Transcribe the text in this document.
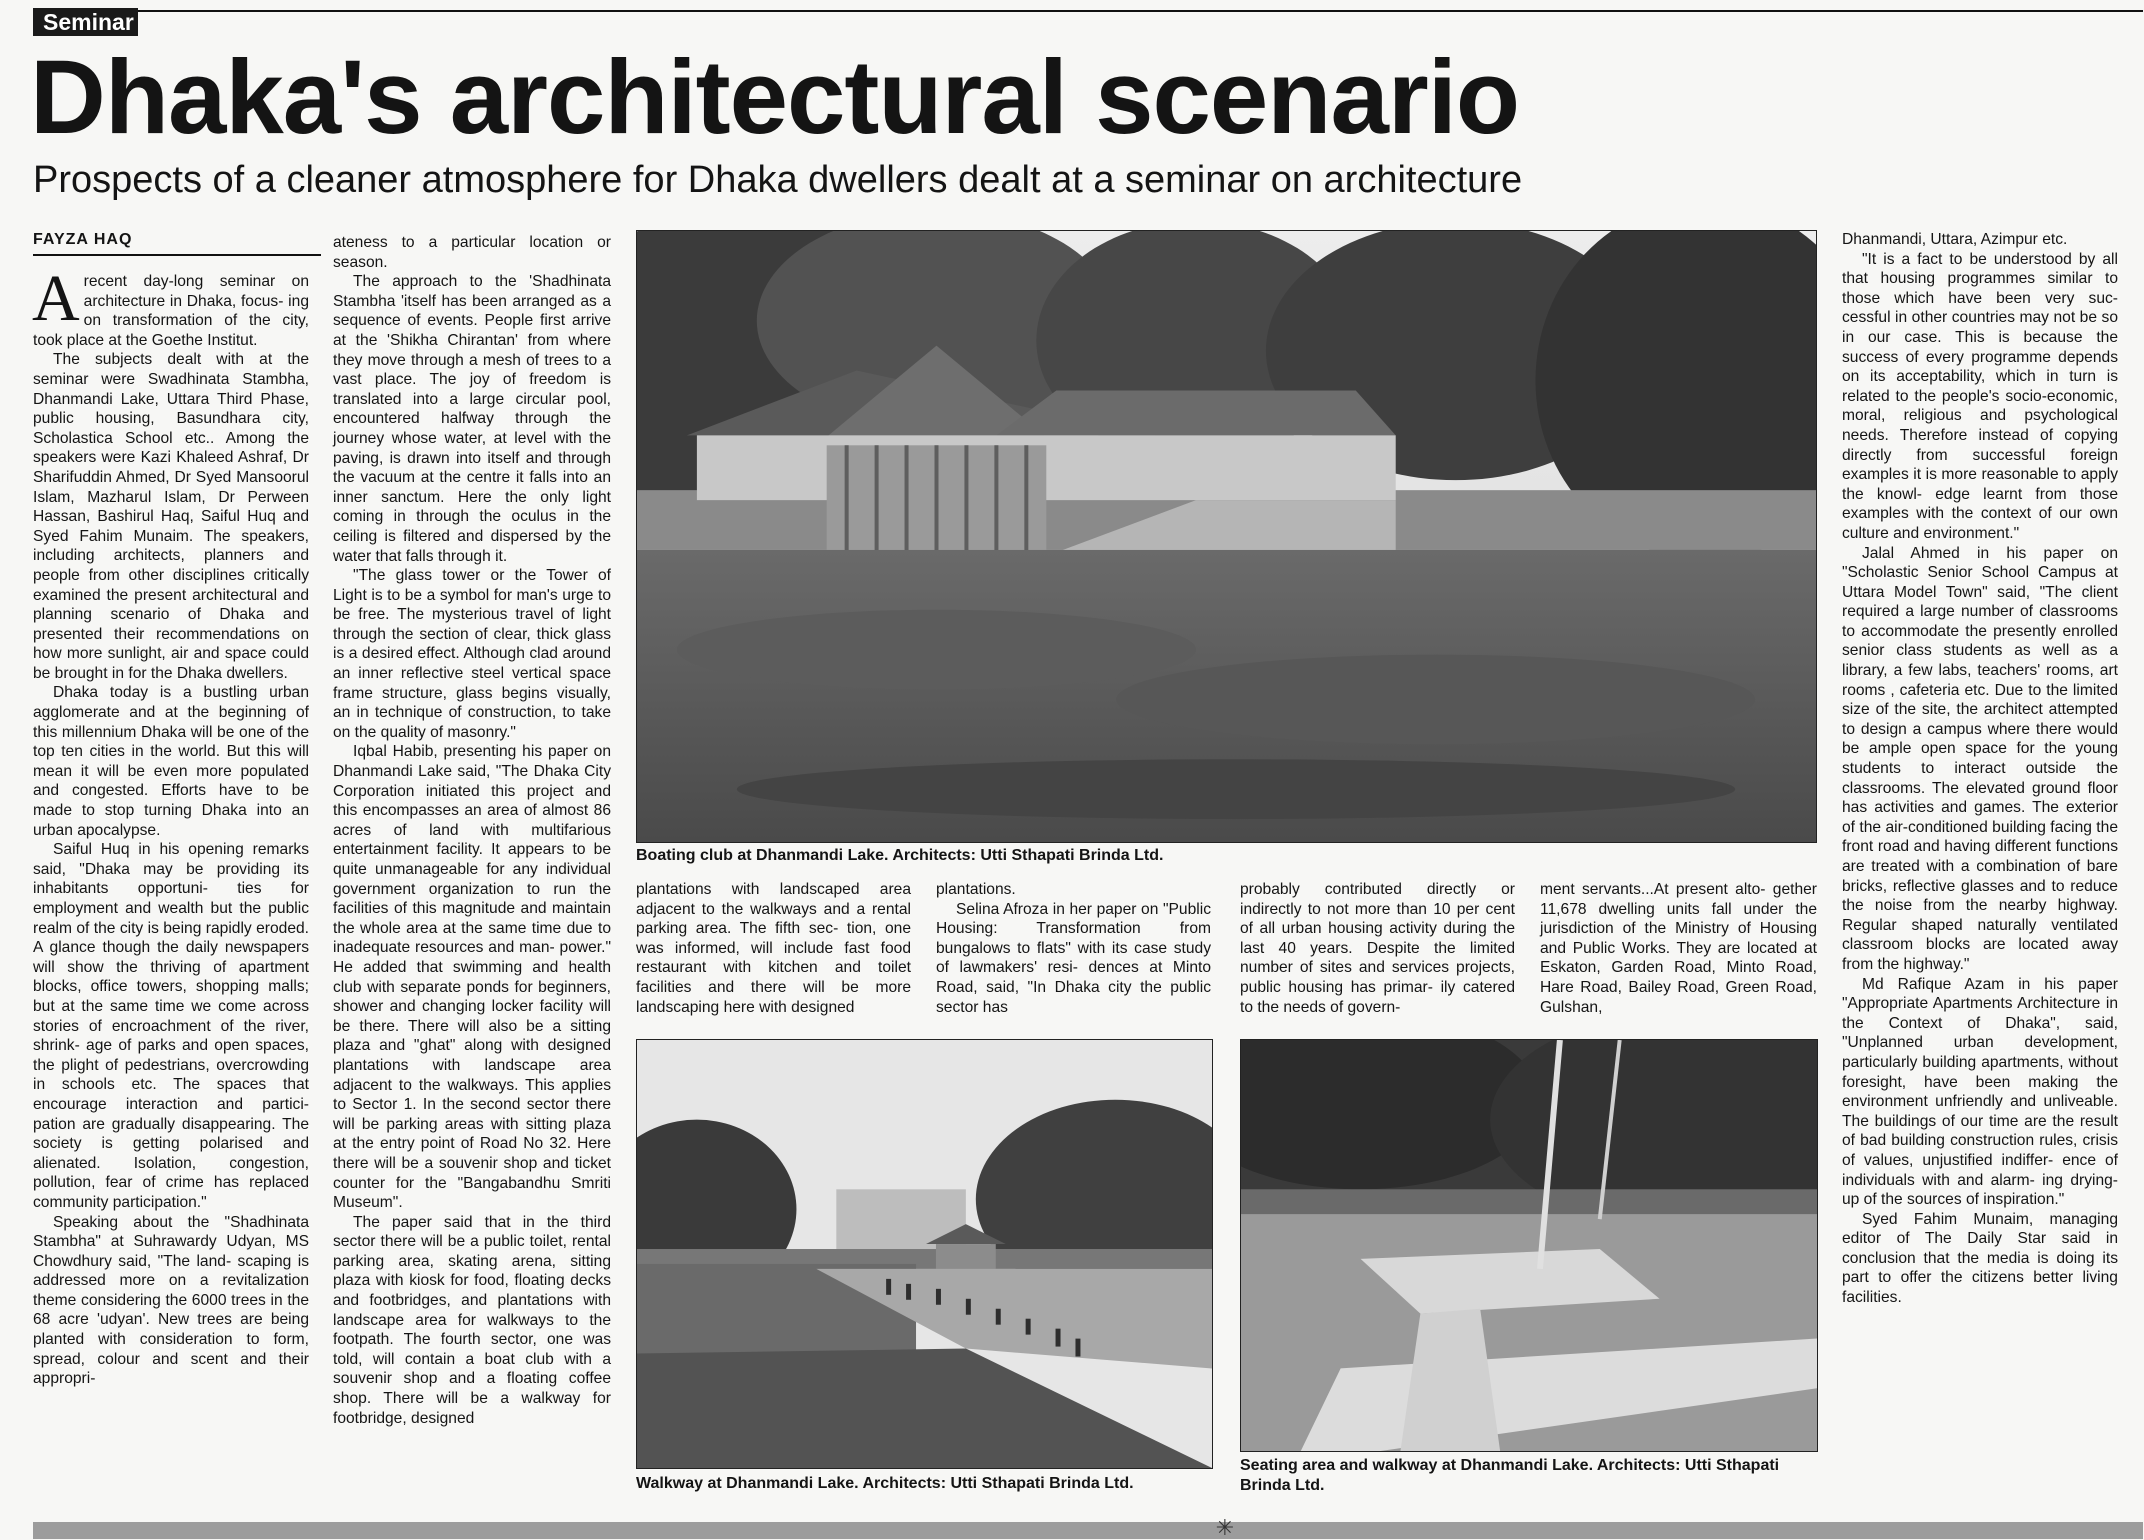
Seminar
Dhaka's architectural scenario
Prospects of a cleaner atmosphere for Dhaka dwellers dealt at a seminar on architecture
FAYZA HAQ

Arecent day-long seminar on architecture in Dhaka, focus- ing on transformation of the city, took place at the Goethe Institut.

The subjects dealt with at the seminar were Swadhinata Stambha, Dhanmandi Lake, Uttara Third Phase, public housing, Basundhara city, Scholastica School etc.. Among the speakers were Kazi Khaleed Ashraf, Dr Sharifuddin Ahmed, Dr Syed Mansoorul Islam, Mazharul Islam, Dr Perween Hassan, Bashirul Haq, Saiful Huq and Syed Fahim Munaim. The speakers, including architects, planners and people from other disciplines critically examined the present architectural and planning scenario of Dhaka and presented their recommendations on how more sunlight, air and space could be brought in for the Dhaka dwellers.

Dhaka today is a bustling urban agglomerate and at the beginning of this millennium Dhaka will be one of the top ten cities in the world. But this will mean it will be even more populated and congested. Efforts have to be made to stop turning Dhaka into an urban apocalypse.

Saiful Huq in his opening remarks said, "Dhaka may be providing its inhabitants opportuni- ties for employment and wealth but the public realm of the city is being rapidly eroded. A glance though the daily newspapers will show the thriving of apartment blocks, office towers, shopping malls; but at the same time we come across stories of encroachment of the river, shrink- age of parks and open spaces, the plight of pedestrians, overcrowding in schools etc. The spaces that encourage interaction and partici- pation are gradually disappearing. The society is getting polarised and alienated. Isolation, congestion, pollution, fear of crime has replaced community participation."

Speaking about the "Shadhinata Stambha" at Suhrawardy Udyan, MS Chowdhury said, "The land- scaping is addressed more on a revitalization theme considering the 6000 trees in the 68 acre 'udyan'. New trees are being planted with consideration to form, spread, colour and scent and their appropri-

ateness to a particular location or season.

The approach to the 'Shadhinata Stambha 'itself has been arranged as a sequence of events. People first arrive at the 'Shikha Chirantan' from where they move through a mesh of trees to a vast place. The joy of freedom is translated into a large circular pool, encountered halfway through the journey whose water, at level with the paving, is drawn into itself and through the vacuum at the centre it falls into an inner sanctum. Here the only light coming in through the oculus in the ceiling is filtered and dispersed by the water that falls through it.

"The glass tower or the Tower of Light is to be a symbol for man's urge to be free. The mysterious travel of light through the section of clear, thick glass is a desired effect. Although clad around an inner reflective steel vertical space frame structure, glass begins visually, an in technique of construction, to take on the quality of masonry."

Iqbal Habib, presenting his paper on Dhanmandi Lake said, "The Dhaka City Corporation initiated this project and this encompasses an area of almost 86 acres of land with multifarious entertainment facility. It appears to be quite unmanageable for any individual government organization to run the facilities of this magnitude and maintain the whole area at the same time due to inadequate resources and man- power." He added that swimming and health club with separate ponds for beginners, shower and changing locker facility will be there. There will also be a sitting plaza and "ghat" along with designed plantations with landscape area adjacent to the walkways. This applies to Sector 1. In the second sector there will be parking areas with sitting plaza at the entry point of Road No 32. Here there will be a souvenir shop and ticket counter for the "Bangabandhu Smriti Museum".

The paper said that in the third sector there will be a public toilet, rental parking area, skating arena, sitting plaza with kiosk for food, floating decks and footbridges, and plantations with landscape area for walkways to the footpath. The fourth sector, one was told, will contain a boat club with a souvenir shop and a floating coffee shop. There will be a walkway for footbridge, designed

Boating club at Dhanmandi Lake. Architects: Utti Sthapati Brinda Ltd.

plantations with landscaped area adjacent to the walkways and a rental parking area. The fifth sec- tion, one was informed, will include fast food restaurant with kitchen and toilet facilities and there will be more landscaping here with designed

plantations.

Selina Afroza in her paper on "Public Housing: Transformation from bungalows to flats" with its case study of lawmakers' resi- dences at Minto Road, said, "In Dhaka city the public sector has

probably contributed directly or indirectly to not more than 10 per cent of all urban housing activity during the last 40 years. Despite the limited number of sites and services projects, public housing has primar- ily catered to the needs of govern-

ment servants...At present alto- gether 11,678 dwelling units fall under the jurisdiction of the Ministry of Housing and Public Works. They are located at Eskaton, Garden Road, Minto Road, Hare Road, Bailey Road, Green Road, Gulshan,

Walkway at Dhanmandi Lake. Architects: Utti Sthapati Brinda Ltd.
Seating area and walkway at Dhanmandi Lake. Architects: Utti Sthapati Brinda Ltd.

Dhanmandi, Uttara, Azimpur etc.

"It is a fact to be understood by all that housing programmes similar to those which have been very suc- cessful in other countries may not be so in our case. This is because the success of every programme depends on its acceptability, which in turn is related to the people's socio-economic, moral, religious and psychological needs. Therefore instead of copying directly from successful foreign examples it is more reasonable to apply the knowl- edge learnt from those examples with the context of our own culture and environment."

Jalal Ahmed in his paper on "Scholastic Senior School Campus at Uttara Model Town" said, "The client required a large number of classrooms to accommodate the presently enrolled senior class students as well as a library, a few labs, teachers' rooms, art rooms , cafeteria etc. Due to the limited size of the site, the architect attempted to design a campus where there would be ample open space for the young students to interact outside the classrooms. The elevated ground floor has activities and games. The exterior of the air-conditioned building facing the front road and having different functions are treated with a combination of bare bricks, reflective glasses and to reduce the noise from the nearby highway. Regular shaped naturally ventilated classroom blocks are located away from the highway."

Md Rafique Azam in his paper "Appropriate Apartments Architecture in the Context of Dhaka", said, "Unplanned urban development, particularly building apartments, without foresight, have been making the environment unfriendly and unliveable. The buildings of our time are the result of bad building construction rules, crisis of values, unjustified indiffer- ence of individuals with and alarm- ing drying-up of the sources of inspiration."

Syed Fahim Munaim, managing editor of The Daily Star said in conclusion that the media is doing its part to offer the citizens better living facilities.

✳
